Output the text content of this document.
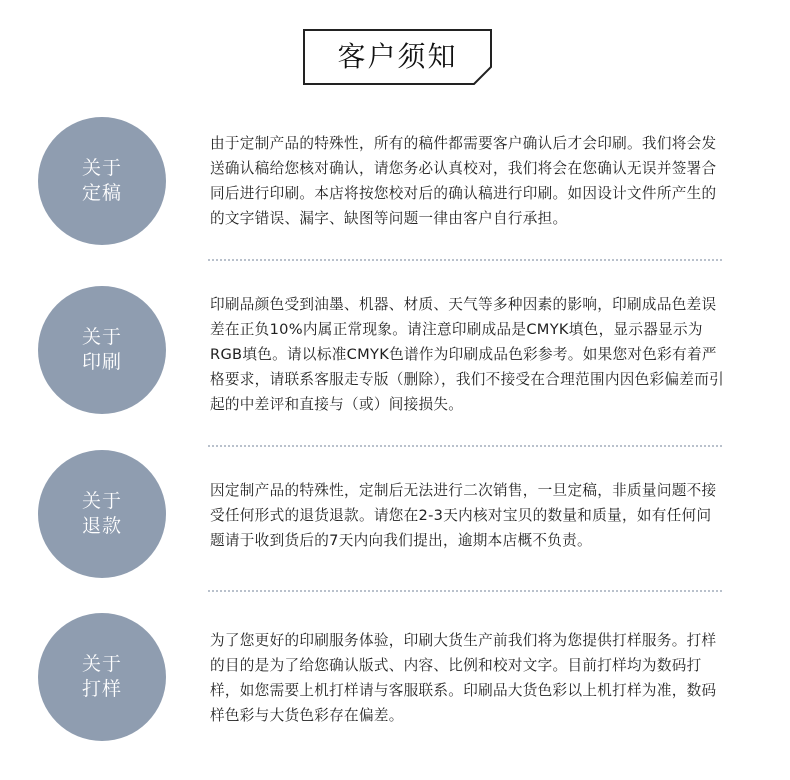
客户须知
关于
定稿

由于定制产品的特殊性，所有的稿件都需要客户确认后才会印刷。我们将会发送确认稿给您核对确认，请您务必认真校对，我们将会在您确认无误并签署合同后进行印刷。本店将按您校对后的确认稿进行印刷。如因设计文件所产生的的文字错误、漏字、缺图等问题一律由客户自行承担。

关于
印刷

印刷品颜色受到油墨、机器、材质、天气等多种因素的影响，印刷成品色差误差在正负10%内属正常现象。请注意印刷成品是CMYK填色，显示器显示为RGB填色。请以标准CMYK色谱作为印刷成品色彩参考。如果您对色彩有着严格要求，请联系客服走专版（删除），我们不接受在合理范围内因色彩偏差而引起的中差评和直接与（或）间接损失。

关于
退款

因定制产品的特殊性，定制后无法进行二次销售，一旦定稿，非质量问题不接受任何形式的退货退款。请您在2-3天内核对宝贝的数量和质量，如有任何问题请于收到货后的7天内向我们提出，逾期本店概不负责。

关于
打样

为了您更好的印刷服务体验，印刷大货生产前我们将为您提供打样服务。打样的目的是为了给您确认版式、内容、比例和校对文字。目前打样均为数码打样，如您需要上机打样请与客服联系。印刷品大货色彩以上机打样为准，数码样色彩与大货色彩存在偏差。
